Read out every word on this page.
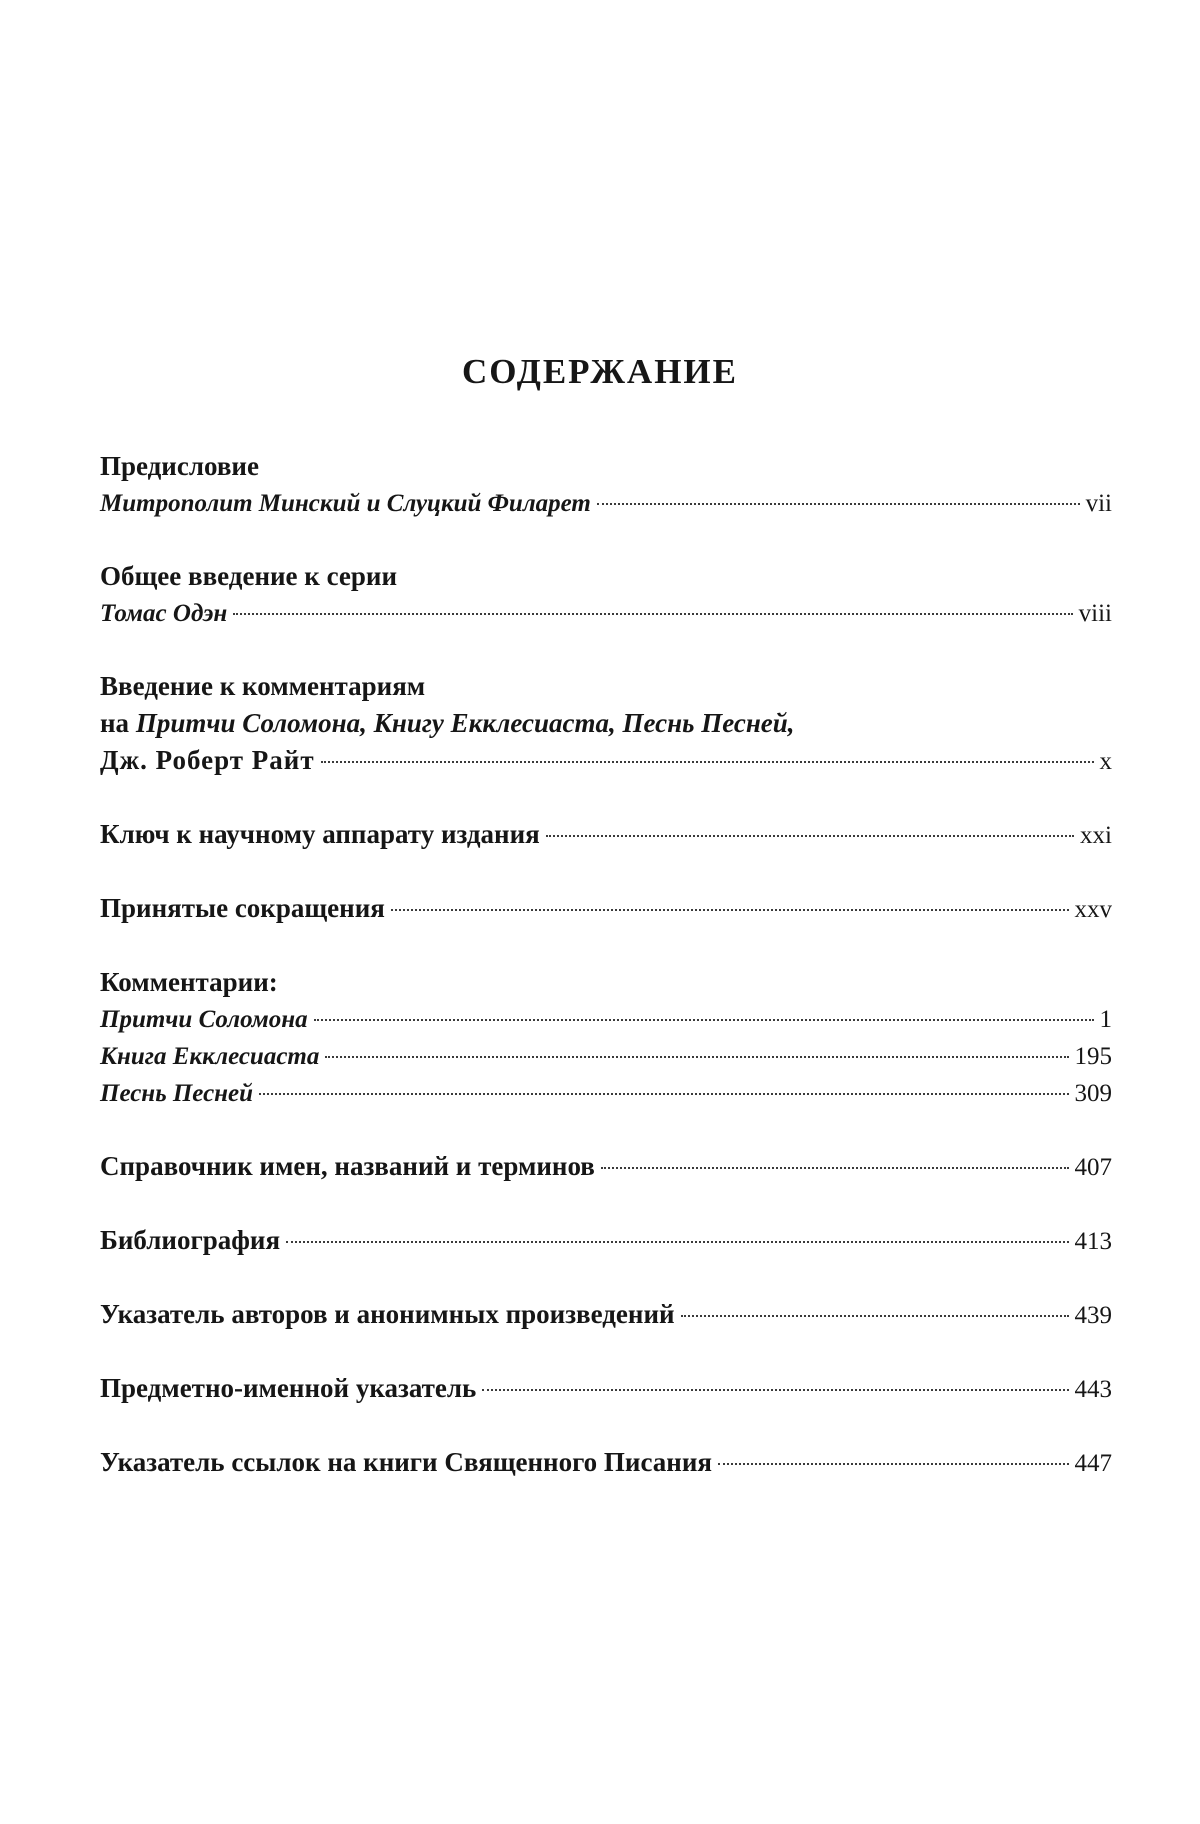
СОДЕРЖАНИЕ
Предисловие
Митрополит Минский и Слуцкий Филарет	vii
Общее введение к серии
Томас Одэн	viii
Введение к комментариям
на Притчи Соломона, Книгу Екклесиаста, Песнь Песней,
Дж. Роберт Райт	x
Ключ к научному аппарату издания	xxi
Принятые сокращения	xxv
Комментарии:
Притчи Соломона	1
Книга Екклесиаста	195
Песнь Песней	309
Справочник имен, названий и терминов	407
Библиография	413
Указатель авторов и анонимных произведений	439
Предметно-именной указатель	443
Указатель ссылок на книги Священного Писания	447
